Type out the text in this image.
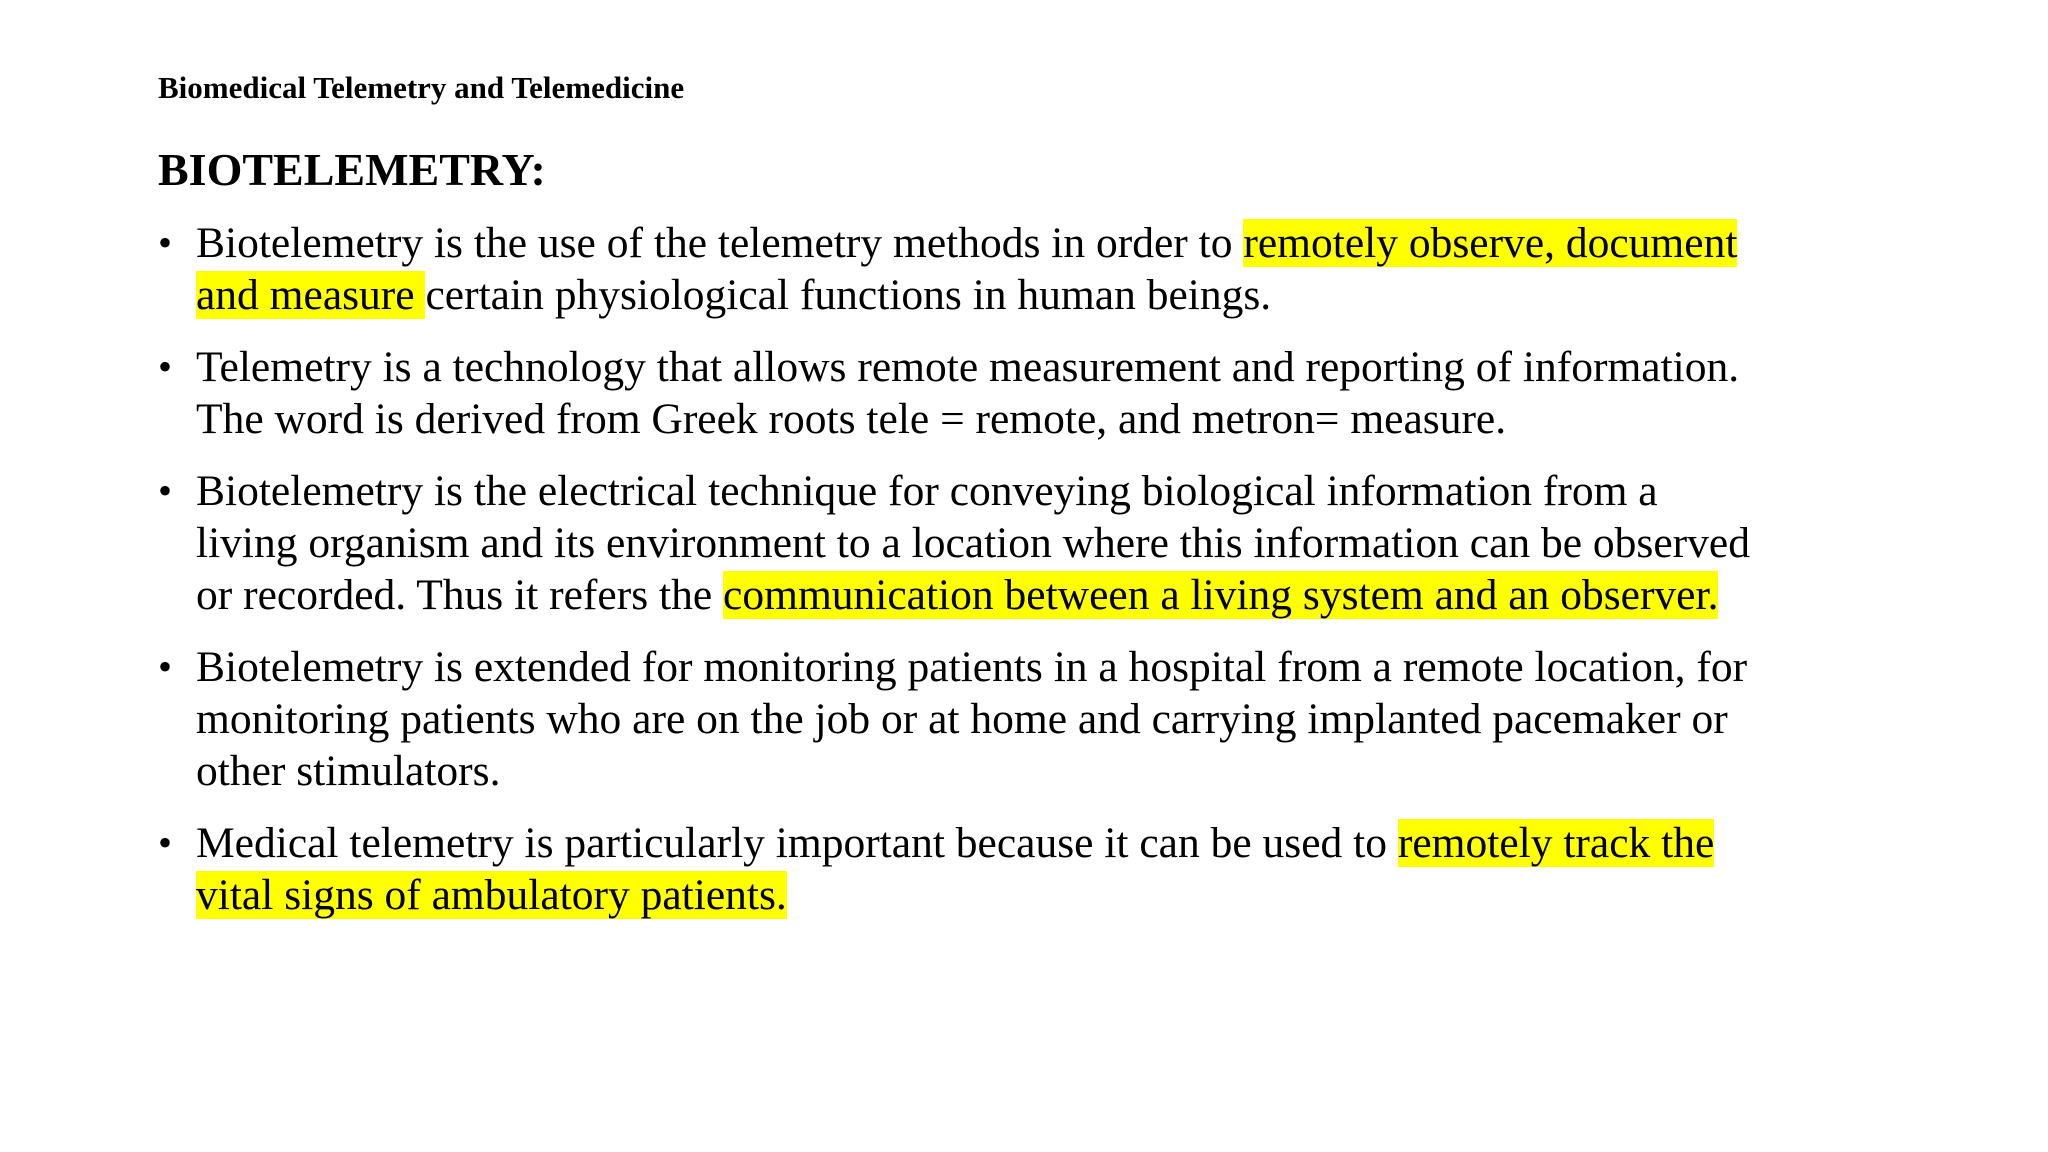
Biomedical Telemetry and Telemedicine
BIOTELEMETRY:
• Biotelemetry is the use of the telemetry methods in order to remotely observe, document
and measure certain physiological functions in human beings.
• Telemetry is a technology that allows remote measurement and reporting of information.
The word is derived from Greek roots tele = remote, and metron= measure.
• Biotelemetry is the electrical technique for conveying biological information from a
living organism and its environment to a location where this information can be observed
or recorded. Thus it refers the communication between a living system and an observer.
• Biotelemetry is extended for monitoring patients in a hospital from a remote location, for
monitoring patients who are on the job or at home and carrying implanted pacemaker or
other stimulators.
• Medical telemetry is particularly important because it can be used to remotely track the
vital signs of ambulatory patients.
